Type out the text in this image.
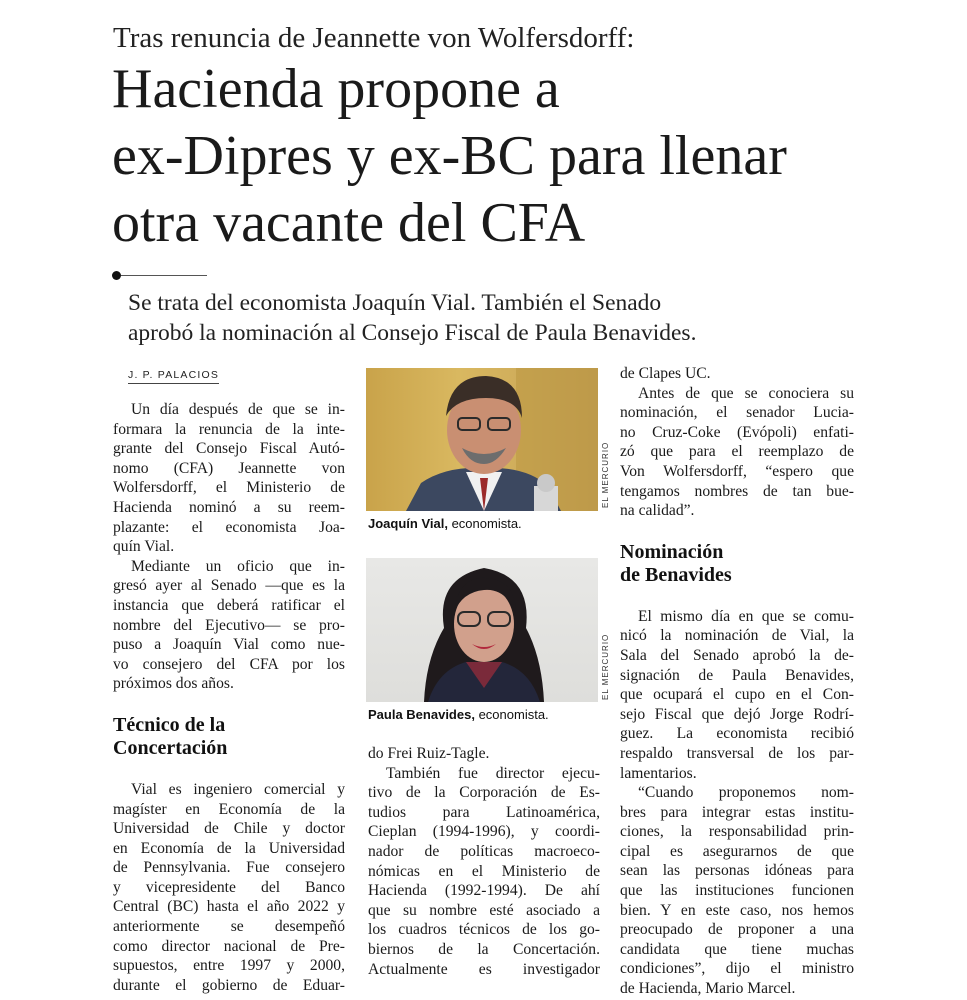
Tras renuncia de Jeannette von Wolfersdorff:
Hacienda propone a
ex-Dipres y ex-BC para llenar
otra vacante del CFA
Se trata del economista Joaquín Vial. También el Senado
aprobó la nominación al Consejo Fiscal de Paula Benavides.
J. P. PALACIOS

Un día después de que se in-

formara la renuncia de la inte-

grante del Consejo Fiscal Autó-

nomo (CFA) Jeannette von

Wolfersdorff, el Ministerio de

Hacienda nominó a su reem-

plazante: el economista Joa-

quín Vial.

Mediante un oficio que in-

gresó ayer al Senado —que es la

instancia que deberá ratificar el

nombre del Ejecutivo— se pro-

puso a Joaquín Vial como nue-

vo consejero del CFA por los

próximos dos años.

Técnico de la
Concertación

Vial es ingeniero comercial y

magíster en Economía de la

Universidad de Chile y doctor

en Economía de la Universidad

de Pennsylvania. Fue consejero

y vicepresidente del Banco

Central (BC) hasta el año 2022 y

anteriormente se desempeñó

como director nacional de Pre-

supuestos, entre 1997 y 2000,

durante el gobierno de Eduar-

EL MERCURIO
Joaquín Vial, economista.
EL MERCURIO
Paula Benavides, economista.

do Frei Ruiz-Tagle.

También fue director ejecu-

tivo de la Corporación de Es-

tudios para Latinoamérica,

Cieplan (1994-1996), y coordi-

nador de políticas macroeco-

nómicas en el Ministerio de

Hacienda (1992-1994). De ahí

que su nombre esté asociado a

los cuadros técnicos de los go-

biernos de la Concertación.

Actualmente es investigador

de Clapes UC.

Antes de que se conociera su

nominación, el senador Lucia-

no Cruz-Coke (Evópoli) enfati-

zó que para el reemplazo de

Von Wolfersdorff, “espero que

tengamos nombres de tan bue-

na calidad”.

Nominación
de Benavides

El mismo día en que se comu-

nicó la nominación de Vial, la

Sala del Senado aprobó la de-

signación de Paula Benavides,

que ocupará el cupo en el Con-

sejo Fiscal que dejó Jorge Rodrí-

guez. La economista recibió

respaldo transversal de los par-

lamentarios.

“Cuando proponemos nom-

bres para integrar estas institu-

ciones, la responsabilidad prin-

cipal es asegurarnos de que

sean las personas idóneas para

que las instituciones funcionen

bien. Y en este caso, nos hemos

preocupado de proponer a una

candidata que tiene muchas

condiciones”, dijo el ministro

de Hacienda, Mario Marcel.
